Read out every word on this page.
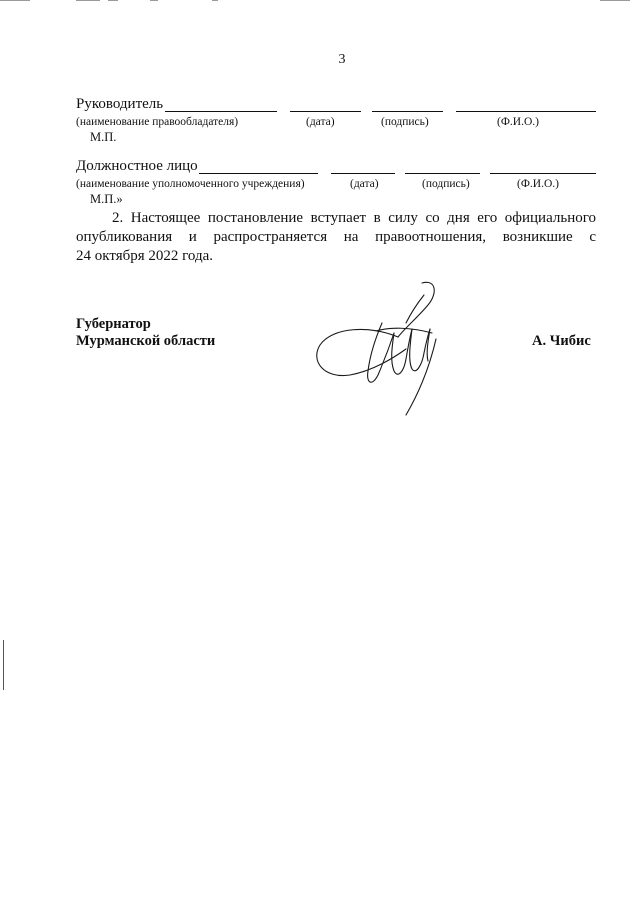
3
Руководитель
(наименование правообладателя)	(дата)	(подпись)	(Ф.И.О.)
М.П.
Должностное лицо
(наименование уполномоченного учреждения)	(дата)	(подпись)	(Ф.И.О.)
М.П.»
2. Настоящее постановление вступает в силу со дня его официального
опубликования и распространяется на правоотношения, возникшие с
24 октября 2022 года.
Губернатор
Мурманской области	А. Чибис
